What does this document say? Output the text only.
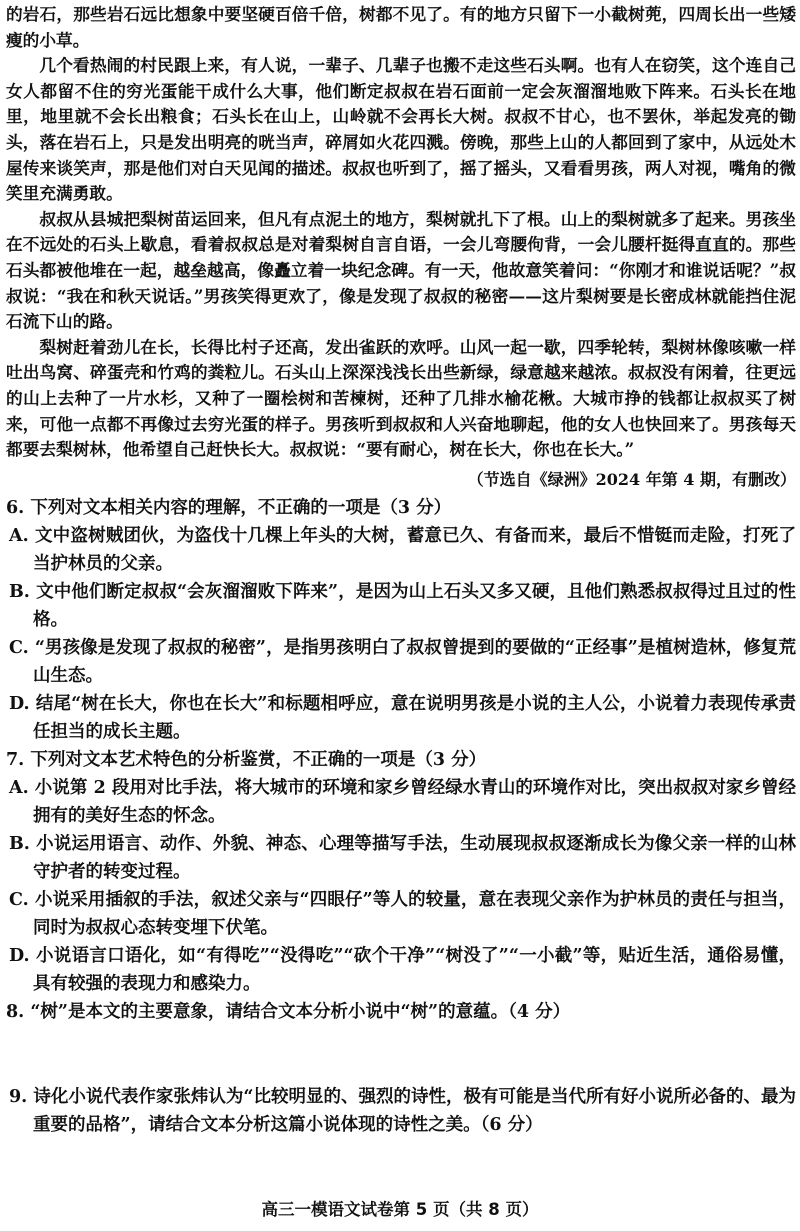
的岩石，那些岩石远比想象中要坚硬百倍千倍，树都不见了。有的地方只留下一小截树蔸，四周长出一些矮瘦的小草。

几个看热闹的村民跟上来，有人说，一辈子、几辈子也搬不走这些石头啊。也有人在窃笑，这个连自己女人都留不住的穷光蛋能干成什么大事，他们断定叔叔在岩石面前一定会灰溜溜地败下阵来。石头长在地里，地里就不会长出粮食；石头长在山上，山岭就不会再长大树。叔叔不甘心，也不罢休，举起发亮的锄头，落在岩石上，只是发出明亮的咣当声，碎屑如火花四溅。傍晚，那些上山的人都回到了家中，从远处木屋传来谈笑声，那是他们对白天见闻的描述。叔叔也听到了，摇了摇头，又看看男孩，两人对视，嘴角的微笑里充满勇敢。

叔叔从县城把梨树苗运回来，但凡有点泥土的地方，梨树就扎下了根。山上的梨树就多了起来。男孩坐在不远处的石头上歇息，看着叔叔总是对着梨树自言自语，一会儿弯腰佝背，一会儿腰杆挺得直直的。那些石头都被他堆在一起，越垒越高，像矗立着一块纪念碑。有一天，他故意笑着问：“你刚才和谁说话呢？”叔叔说：“我在和秋天说话。”男孩笑得更欢了，像是发现了叔叔的秘密——这片梨树要是长密成林就能挡住泥石流下山的路。

梨树赶着劲儿在长，长得比村子还高，发出雀跃的欢呼。山风一起一歇，四季轮转，梨树林像咳嗽一样吐出鸟窝、碎蛋壳和竹鸡的粪粒儿。石头山上深深浅浅长出些新绿，绿意越来越浓。叔叔没有闲着，往更远的山上去种了一片水杉，又种了一圈桧树和苦楝树，还种了几排水榆花楸。大城市挣的钱都让叔叔买了树来，可他一点都不再像过去穷光蛋的样子。男孩听到叔叔和人兴奋地聊起，他的女人也快回来了。男孩每天都要去梨树林，他希望自己赶快长大。叔叔说：“要有耐心，树在长大，你也在长大。”

（节选自《绿洲》2024 年第 4 期，有删改）

6. 下列对文本相关内容的理解，不正确的一项是（3 分）

A. 文中盗树贼团伙，为盗伐十几棵上年头的大树，蓄意已久、有备而来，最后不惜铤而走险，打死了当护林员的父亲。

B. 文中他们断定叔叔“会灰溜溜败下阵来”，是因为山上石头又多又硬，且他们熟悉叔叔得过且过的性格。

C. “男孩像是发现了叔叔的秘密”，是指男孩明白了叔叔曾提到的要做的“正经事”是植树造林，修复荒山生态。

D. 结尾“树在长大，你也在长大”和标题相呼应，意在说明男孩是小说的主人公，小说着力表现传承责任担当的成长主题。

7. 下列对文本艺术特色的分析鉴赏，不正确的一项是（3 分）

A. 小说第 2 段用对比手法，将大城市的环境和家乡曾经绿水青山的环境作对比，突出叔叔对家乡曾经拥有的美好生态的怀念。

B. 小说运用语言、动作、外貌、神态、心理等描写手法，生动展现叔叔逐渐成长为像父亲一样的山林守护者的转变过程。

C. 小说采用插叙的手法，叙述父亲与“四眼仔”等人的较量，意在表现父亲作为护林员的责任与担当，同时为叔叔心态转变埋下伏笔。

D. 小说语言口语化，如“有得吃”“没得吃”“砍个干净”“树没了”“一小截”等，贴近生活，通俗易懂，具有较强的表现力和感染力。

8. “树”是本文的主要意象，请结合文本分析小说中“树”的意蕴。（4 分）

9. 诗化小说代表作家张炜认为“比较明显的、强烈的诗性，极有可能是当代所有好小说所必备的、最为重要的品格”，请结合文本分析这篇小说体现的诗性之美。（6 分）

高三一模语文试卷第 5 页（共 8 页）
